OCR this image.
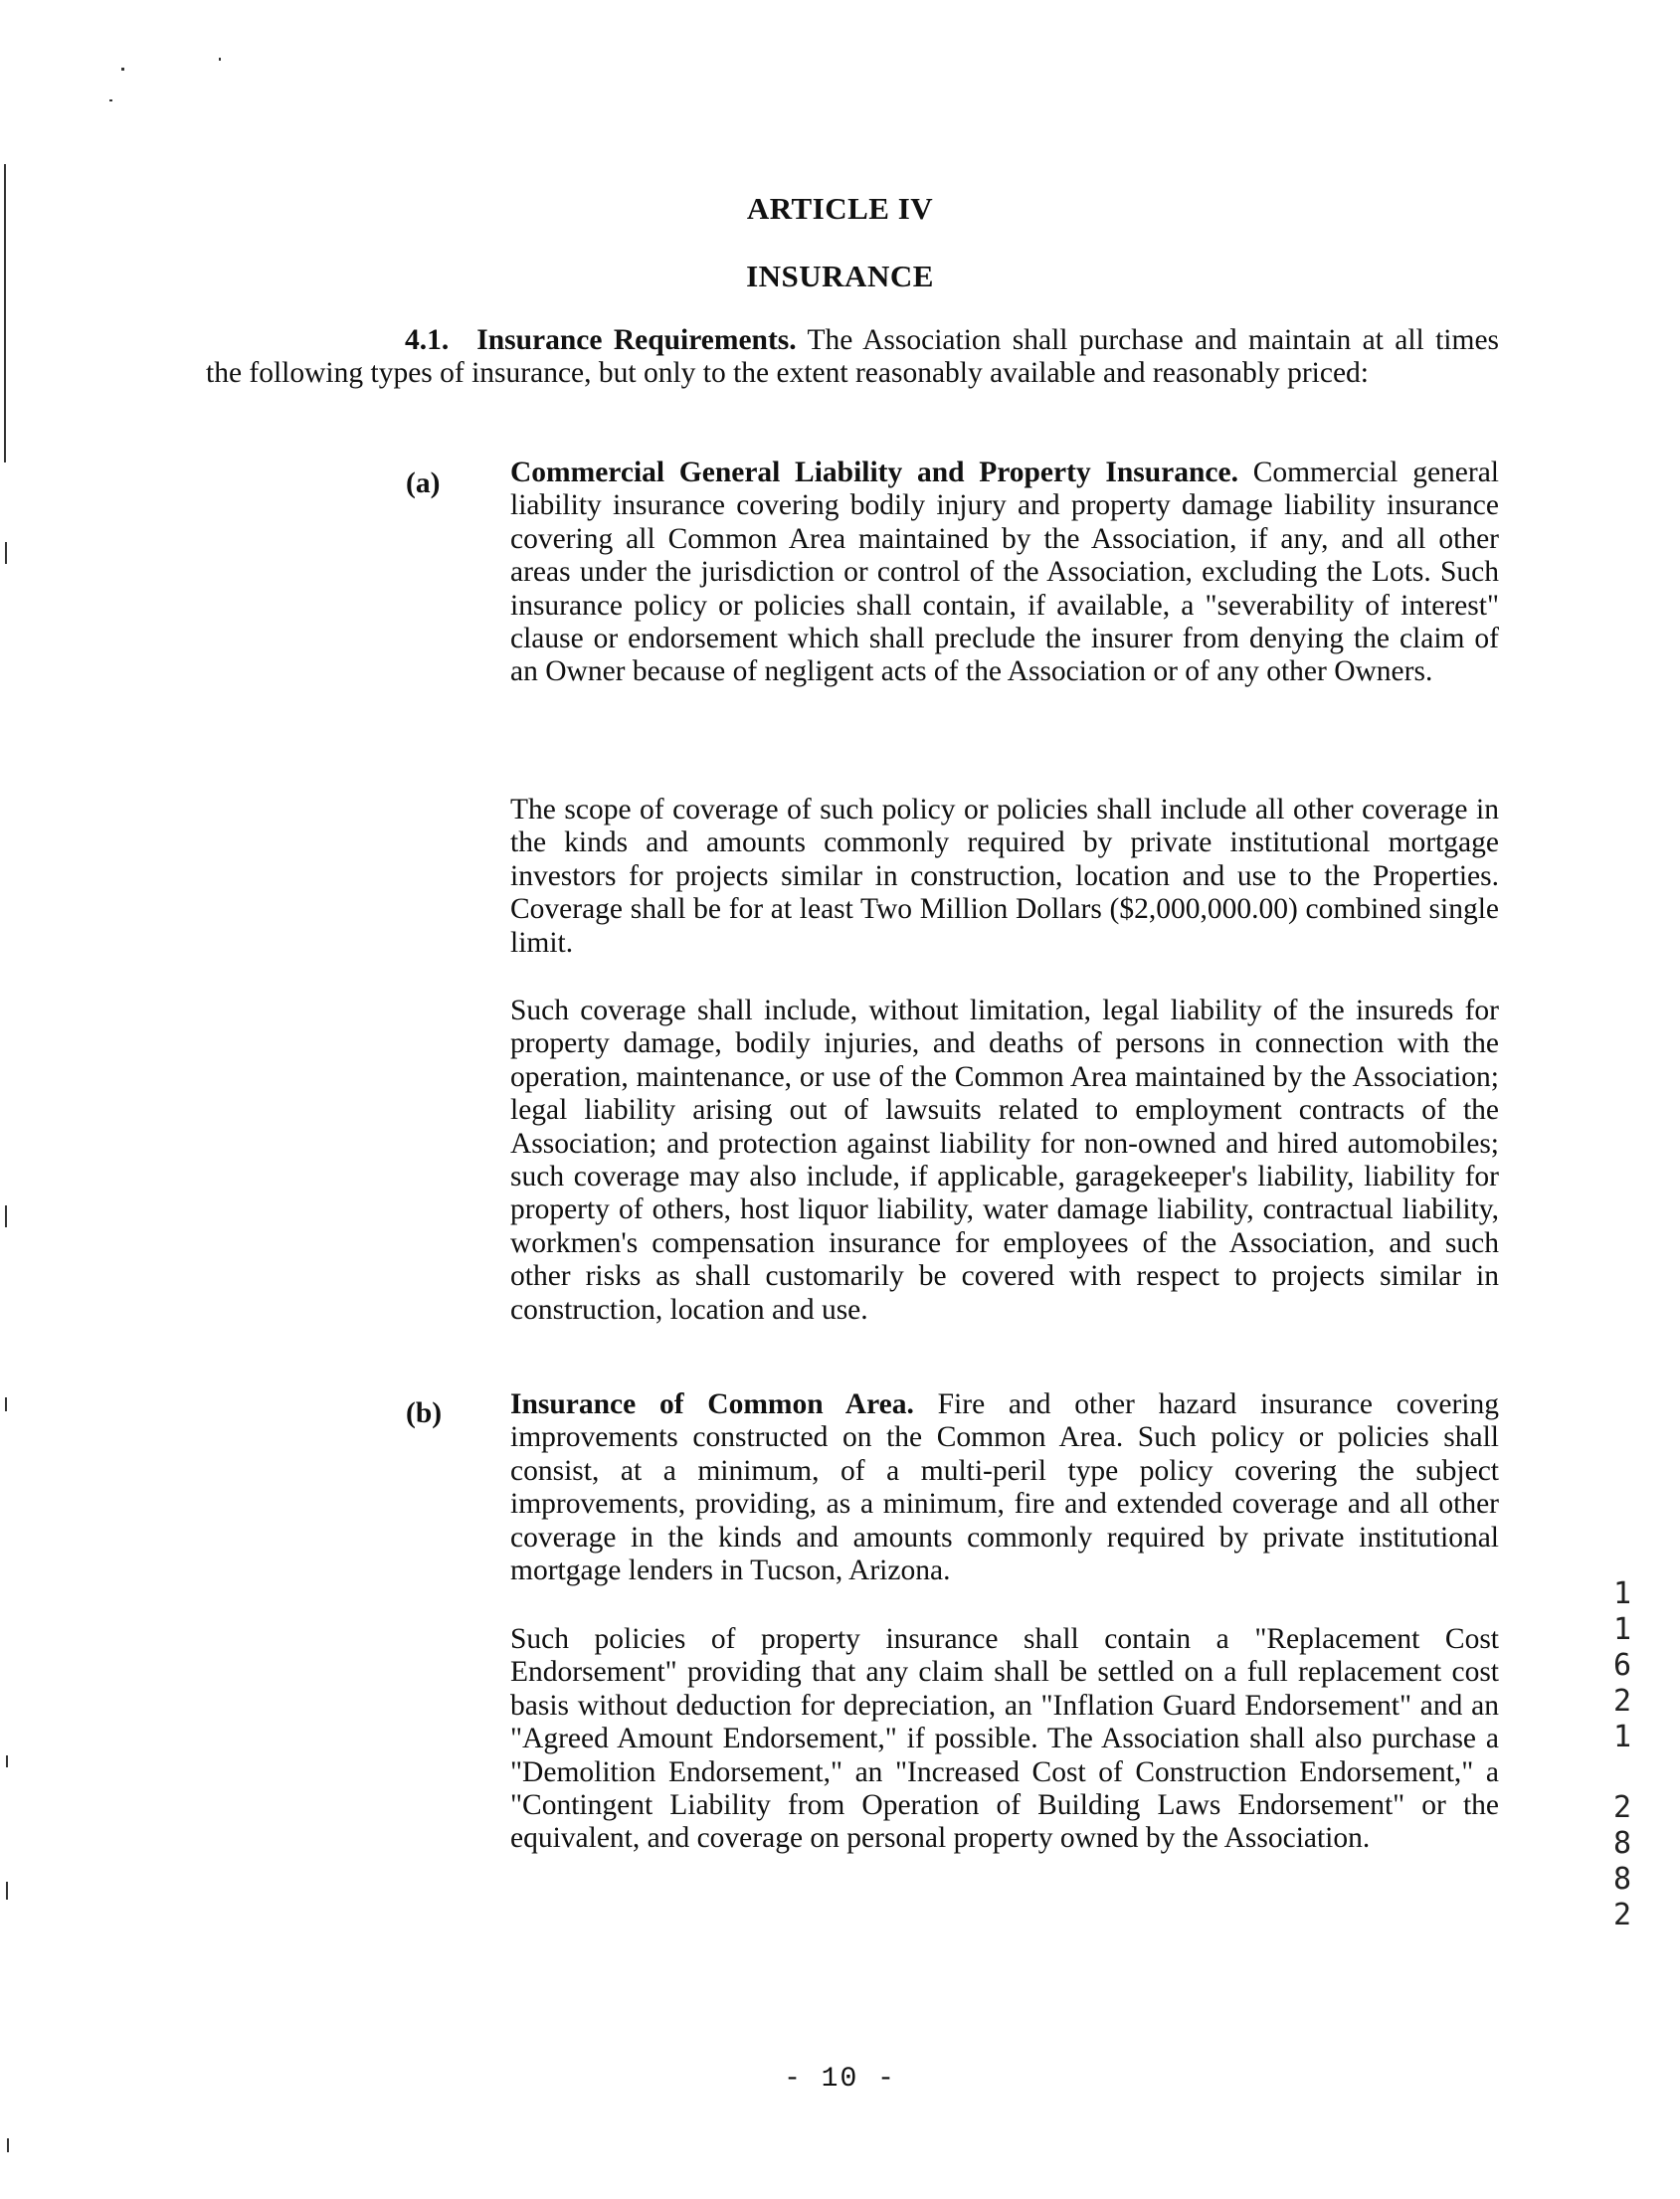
ARTICLE IV
INSURANCE
4.1. Insurance Requirements. The Association shall purchase and maintain at all times the following types of insurance, but only to the extent reasonably available and reasonably priced:
(a) Commercial General Liability and Property Insurance. Commercial general liability insurance covering bodily injury and property damage liability insurance covering all Common Area maintained by the Association, if any, and all other areas under the jurisdiction or control of the Association, excluding the Lots. Such insurance policy or policies shall contain, if available, a "severability of interest" clause or endorsement which shall preclude the insurer from denying the claim of an Owner because of negligent acts of the Association or of any other Owners.
The scope of coverage of such policy or policies shall include all other coverage in the kinds and amounts commonly required by private institutional mortgage investors for projects similar in construction, location and use to the Properties. Coverage shall be for at least Two Million Dollars ($2,000,000.00) combined single limit.
Such coverage shall include, without limitation, legal liability of the insureds for property damage, bodily injuries, and deaths of persons in connection with the operation, maintenance, or use of the Common Area maintained by the Association; legal liability arising out of lawsuits related to employment contracts of the Association; and protection against liability for non-owned and hired automobiles; such coverage may also include, if applicable, garagekeeper's liability, liability for property of others, host liquor liability, water damage liability, contractual liability, workmen's compensation insurance for employees of the Association, and such other risks as shall customarily be covered with respect to projects similar in construction, location and use.
(b) Insurance of Common Area. Fire and other hazard insurance covering improvements constructed on the Common Area. Such policy or policies shall consist, at a minimum, of a multi-peril type policy covering the subject improvements, providing, as a minimum, fire and extended coverage and all other coverage in the kinds and amounts commonly required by private institutional mortgage lenders in Tucson, Arizona.
Such policies of property insurance shall contain a "Replacement Cost Endorsement" providing that any claim shall be settled on a full replacement cost basis without deduction for depreciation, an "Inflation Guard Endorsement" and an "Agreed Amount Endorsement," if possible. The Association shall also purchase a "Demolition Endorsement," an "Increased Cost of Construction Endorsement," a "Contingent Liability from Operation of Building Laws Endorsement" or the equivalent, and coverage on personal property owned by the Association.
1
1
6
2
1
2
8
8
2
- 10 -
